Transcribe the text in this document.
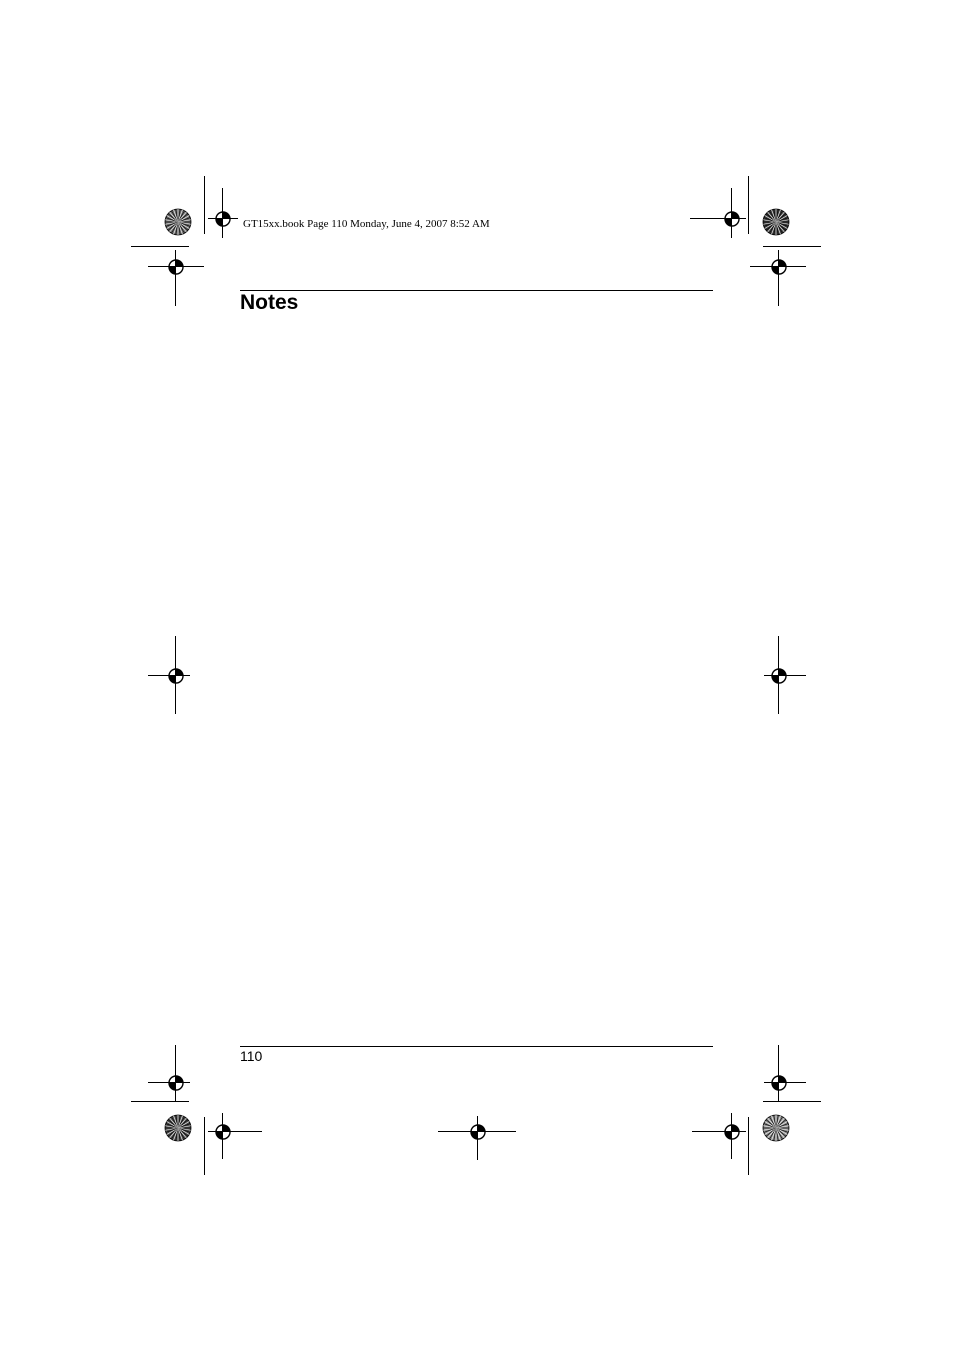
GT15xx.book Page 110 Monday, June 4, 2007 8:52 AM
Notes
110
